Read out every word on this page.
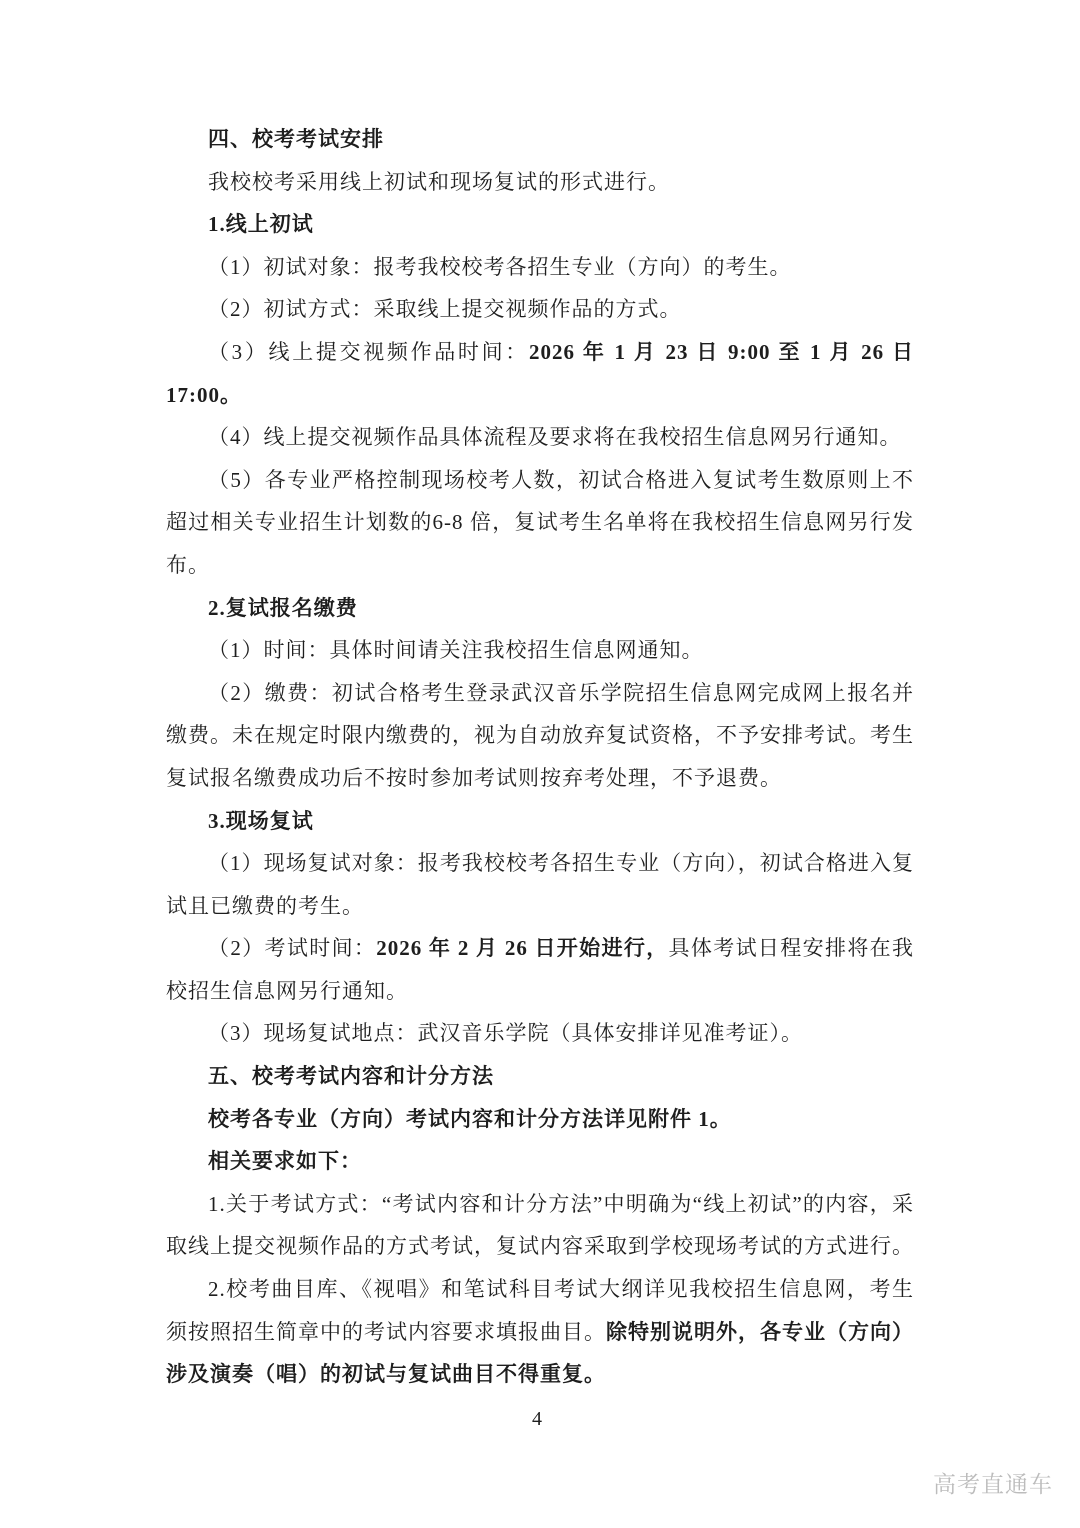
四、校考考试安排

我校校考采用线上初试和现场复试的形式进行。

1.线上初试

（1）初试对象：报考我校校考各招生专业（方向）的考生。

（2）初试方式：采取线上提交视频作品的方式。

（3）线上提交视频作品时间：2026 年 1 月 23 日 9:00 至 1 月 26 日 17:00。

（4）线上提交视频作品具体流程及要求将在我校招生信息网另行通知。

（5）各专业严格控制现场校考人数，初试合格进入复试考生数原则上不超过相关专业招生计划数的6-8 倍，复试考生名单将在我校招生信息网另行发布。

2.复试报名缴费

（1）时间：具体时间请关注我校招生信息网通知。

（2）缴费：初试合格考生登录武汉音乐学院招生信息网完成网上报名并缴费。未在规定时限内缴费的，视为自动放弃复试资格，不予安排考试。考生复试报名缴费成功后不按时参加考试则按弃考处理，不予退费。

3.现场复试

（1）现场复试对象：报考我校校考各招生专业（方向），初试合格进入复试且已缴费的考生。

（2）考试时间：2026 年 2 月 26 日开始进行，具体考试日程安排将在我校招生信息网另行通知。

（3）现场复试地点：武汉音乐学院（具体安排详见准考证）。

五、校考考试内容和计分方法

校考各专业（方向）考试内容和计分方法详见附件 1。

相关要求如下：

1.关于考试方式：“考试内容和计分方法”中明确为“线上初试”的内容，采取线上提交视频作品的方式考试，复试内容采取到学校现场考试的方式进行。

2.校考曲目库、《视唱》和笔试科目考试大纲详见我校招生信息网，考生须按照招生简章中的考试内容要求填报曲目。除特别说明外，各专业（方向）涉及演奏（唱）的初试与复试曲目不得重复。

4
高考直通车
